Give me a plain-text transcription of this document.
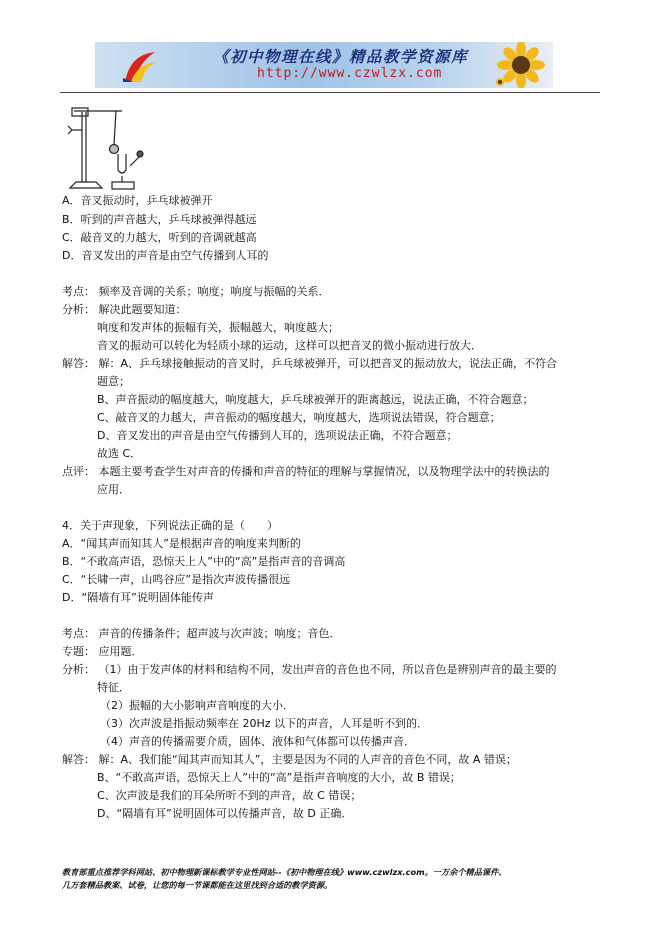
《初中物理在线》精品教学资源库
http://www.czwlzx.com
A．音叉振动时，乒乓球被弹开
B．听到的声音越大，乒乓球被弹得越远
C．敲音叉的力越大，听到的音调就越高
D．音叉发出的声音是由空气传播到人耳的
考点： 频率及音调的关系；响度；响度与振幅的关系．
分析： 解决此题要知道：
响度和发声体的振幅有关，振幅越大，响度越大；
音叉的振动可以转化为轻质小球的运动，这样可以把音叉的微小振动进行放大．
解答： 解：A、乒乓球接触振动的音叉时，乒乓球被弹开，可以把音叉的振动放大，说法正确，不符合
题意；
B、声音振动的幅度越大，响度越大，乒乓球被弹开的距离越远，说法正确，不符合题意；
C、敲音叉的力越大，声音振动的幅度越大，响度越大，选项说法错误，符合题意；
D、音叉发出的声音是由空气传播到人耳的，选项说法正确，不符合题意；
故选 C．
点评： 本题主要考查学生对声音的传播和声音的特征的理解与掌握情况，以及物理学法中的转换法的
应用．
4．关于声现象，下列说法正确的是（　　）
A．“闻其声而知其人”是根据声音的响度来判断的
B．“不敢高声语，恐惊天上人”中的“高”是指声音的音调高
C．“长啸一声，山鸣谷应”是指次声波传播很远
D．“隔墙有耳”说明固体能传声
考点： 声音的传播条件；超声波与次声波；响度；音色．
专题： 应用题．
分析： （1）由于发声体的材料和结构不同，发出声音的音色也不同，所以音色是辨别声音的最主要的
特征．
（2）振幅的大小影响声音响度的大小．
（3）次声波是指振动频率在 20Hz 以下的声音，人耳是听不到的．
（4）声音的传播需要介质，固体、液体和气体都可以传播声音．
解答： 解：A、我们能“闻其声而知其人”，主要是因为不同的人声音的音色不同，故 A 错误；
B、“不敢高声语，恐惊天上人”中的“高”是指声音响度的大小，故 B 错误；
C、次声波是我们的耳朵所听不到的声音，故 C 错误；
D、“隔墙有耳”说明固体可以传播声音，故 D 正确．
教育部重点推荐学科网站、初中物理新课标教学专业性网站--《初中物理在线》www.czwlzx.com。一万余个精品课件、
几万套精品教案、试卷，让您的每一节课都能在这里找到合适的教学资源。
